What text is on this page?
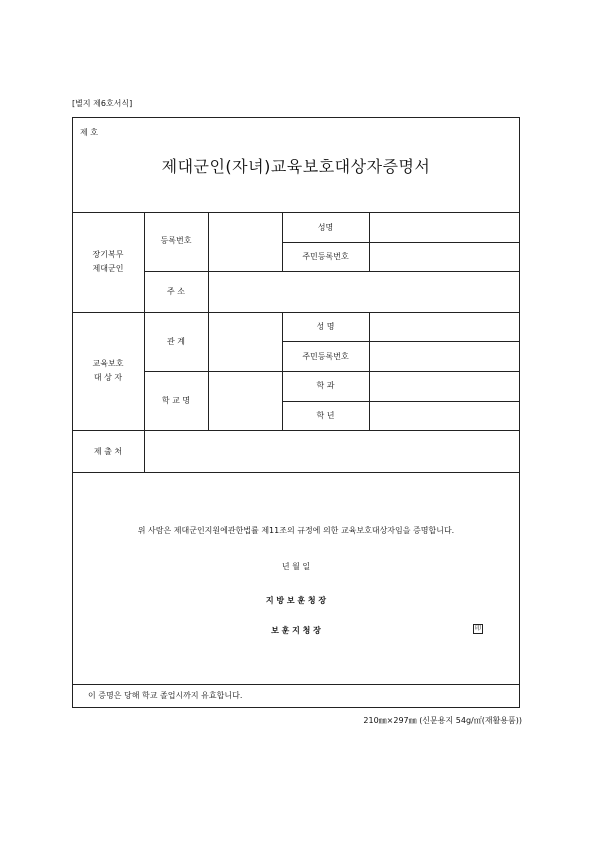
[별지 제6호서식]
제 호
제대군인(자녀)교육보호대상자증명서
장기복무
제대군인
등록번호
성명
주민등록번호
주 소
교육보호
대 상 자
관 계
성 명
주민등록번호
학 교 명
학 과
학 년
제 출 처
위 사람은 제대군인지원에관한법률 제11조의 규정에 의한 교육보호대상자임을 증명합니다.
년 월 일
지 방 보 훈 청 장
보 훈 지 청 장	印
이 증명은 당해 학교 졸업시까지 유효합니다.
210㎜×297㎜ (신문용지 54g/㎡(재활용품))
